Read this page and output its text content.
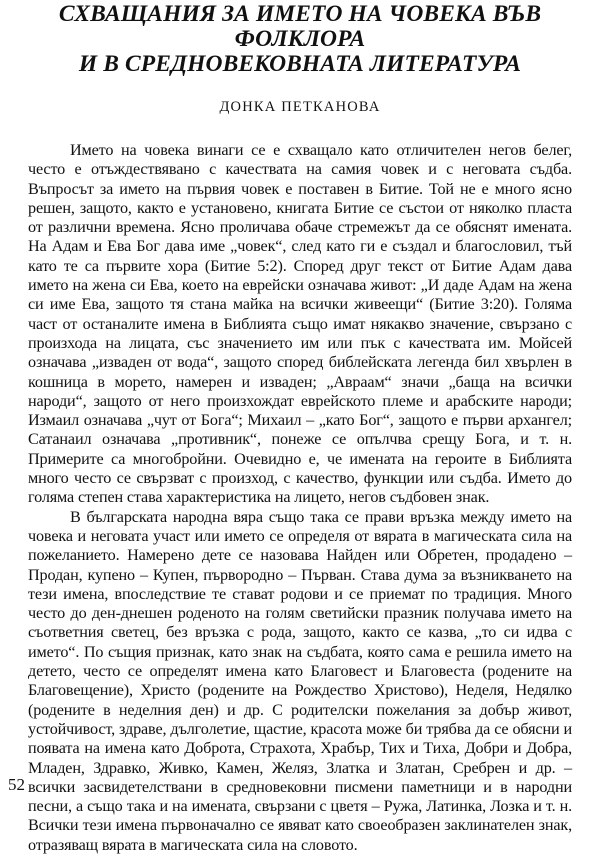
СХВАЩАНИЯ ЗА ИМЕТО НА ЧОВЕКА ВЪВ ФОЛКЛОРА
И В СРЕДНОВЕКОВНАТА ЛИТЕРАТУРА
ДОНКА ПЕТКАНОВА

Името на човека винаги се е схващало като отличителен негов белег, често е отъждествявано с качествата на самия човек и с неговата съдба. Въпросът за името на първия човек е поставен в Битие. Той не е много ясно решен, защото, както е установено, книгата Битие се състои от няколко пласта от различни времена. Ясно проличава обаче стремежът да се обяснят имената. На Адам и Ева Бог дава име „човек“, след като ги е създал и благословил, тъй като те са първите хора (Битие 5:2). Според друг текст от Битие Адам дава името на жена си Ева, което на еврейски означава живот: „И даде Адам на жена си име Ева, защото тя стана майка на всички живеещи“ (Битие 3:20). Голяма част от останалите имена в Библията също имат някакво значение, свързано с произхода на лицата, със значението им или пък с качествата им. Мойсей означава „изваден от вода“, защото според библейската легенда бил хвърлен в кошница в морето, намерен и изваден; „Авраам“ значи „баща на всички народи“, защото от него произхождат еврейското племе и арабските народи; Измаил означава „чут от Бога“; Михаил – „като Бог“, защото е първи архангел; Сатанаил означава „противник“, понеже се опълчва срещу Бога, и т. н. Примерите са многобройни. Очевидно е, че имената на героите в Библията много често се свързват с произход, с качество, функции или съдба. Името до голяма степен става характеристика на лицето, негов съдбовен знак.

В българската народна вяра също така се прави връзка между името на човека и неговата участ или името се определя от вярата в магическата сила на пожеланието. Намерено дете се назовава Найден или Обретен, продадено – Продан, купено – Купен, първородно – Първан. Става дума за възникването на тези имена, впоследствие те стават родови и се приемат по традиция. Много често до ден-днешен роденото на голям светийски празник получава името на съответния светец, без връзка с рода, защото, както се казва, „то си идва с името“. По същия признак, като знак на съдбата, която сама е решила името на детето, често се определят имена като Благовест и Благовеста (родените на Благовещение), Христо (родените на Рождество Христово), Неделя, Недялко (родените в неделния ден) и др. С родителски пожелания за добър живот, устойчивост, здраве, дълголетие, щастие, красота може би трябва да се обясни и появата на имена като Доброта, Страхота, Храбър, Тих и Тиха, Добри и Добра, Младен, Здравко, Живко, Камен, Желяз, Златка и Златан, Сребрен и др. – всички засвидетелствани в средновековни писмени паметници и в народни песни, а също така и на имената, свързани с цветя – Ружа, Латинка, Лозка и т. н. Всички тези имена първоначално се явяват като своеобразен заклинателен знак, отразяващ вярата в магическата сила на словото.

52
